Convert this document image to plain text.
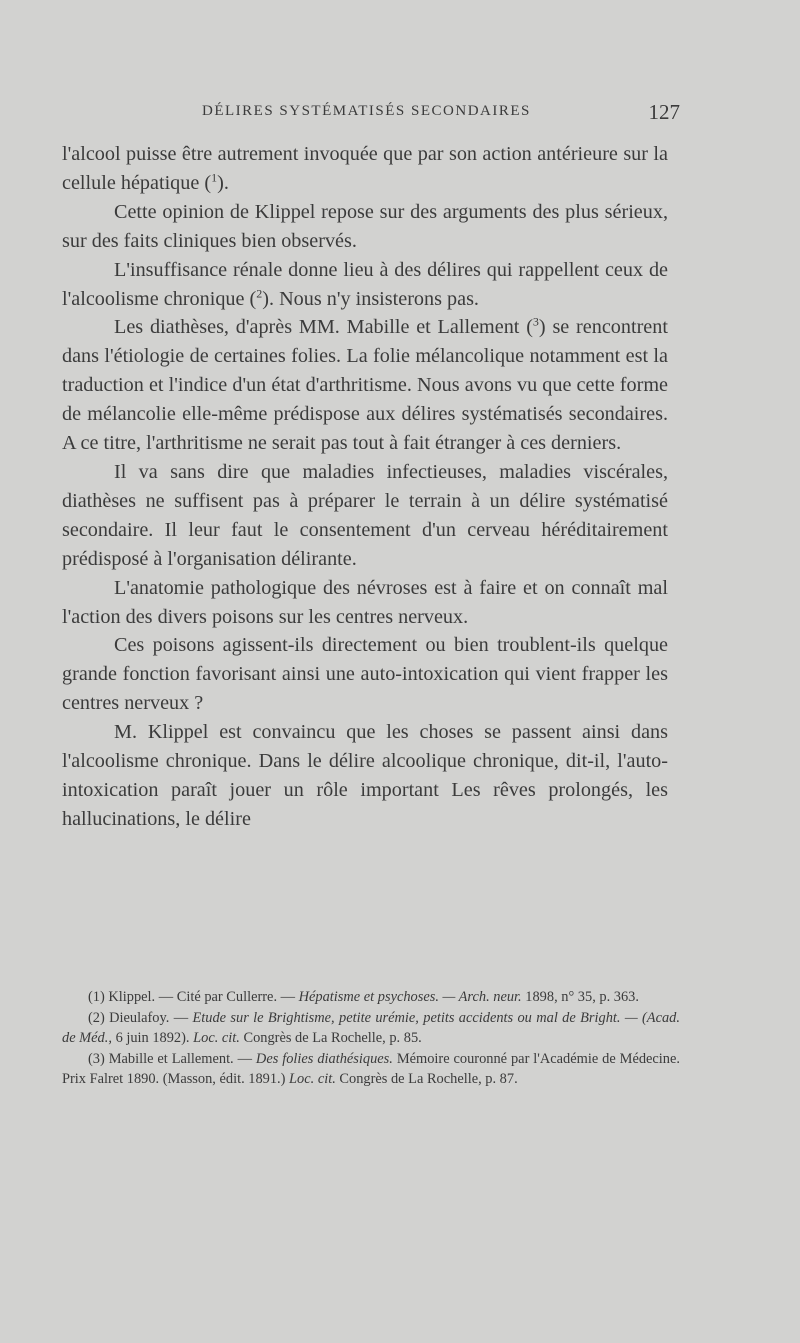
DÉLIRES SYSTÉMATISÉS SECONDAIRES	127

l'alcool puisse être autrement invoquée que par son action antérieure sur la cellule hépatique ($^1$).

Cette opinion de Klippel repose sur des arguments des plus sérieux, sur des faits cliniques bien observés.

L'insuffisance rénale donne lieu à des délires qui rappellent ceux de l'alcoolisme chronique ($^2$). Nous n'y insisterons pas.

Les diathèses, d'après MM. Mabille et Lallement ($^3$) se rencontrent dans l'étiologie de certaines folies. La folie mélancolique notamment est la traduction et l'indice d'un état d'arthritisme. Nous avons vu que cette forme de mélancolie elle-même prédispose aux délires systématisés secondaires. A ce titre, l'arthritisme ne serait pas tout à fait étranger à ces derniers.

Il va sans dire que maladies infectieuses, maladies viscérales, diathèses ne suffisent pas à préparer le terrain à un délire systématisé secondaire. Il leur faut le consentement d'un cerveau héréditairement prédisposé à l'organisation délirante.

L'anatomie pathologique des névroses est à faire et on connaît mal l'action des divers poisons sur les centres nerveux.

Ces poisons agissent-ils directement ou bien troublent-ils quelque grande fonction favorisant ainsi une auto-intoxication qui vient frapper les centres nerveux ?

M. Klippel est convaincu que les choses se passent ainsi dans l'alcoolisme chronique. Dans le délire alcoolique chronique, dit-il, l'auto-intoxication paraît jouer un rôle important Les rêves prolongés, les hallucinations, le délire

(1) Klippel. — Cité par Cullerre. — Hépatisme et psychoses. — Arch. neur. 1898, n° 35, p. 363.

(2) Dieulafoy. — Etude sur le Brightisme, petite urémie, petits accidents ou mal de Bright. — (Acad. de Méd., 6 juin 1892). Loc. cit. Congrès de La Rochelle, p. 85.

(3) Mabille et Lallement. — Des folies diathésiques. Mémoire couronné par l'Académie de Médecine. Prix Falret 1890. (Masson, édit. 1891.) Loc. cit. Congrès de La Rochelle, p. 87.
